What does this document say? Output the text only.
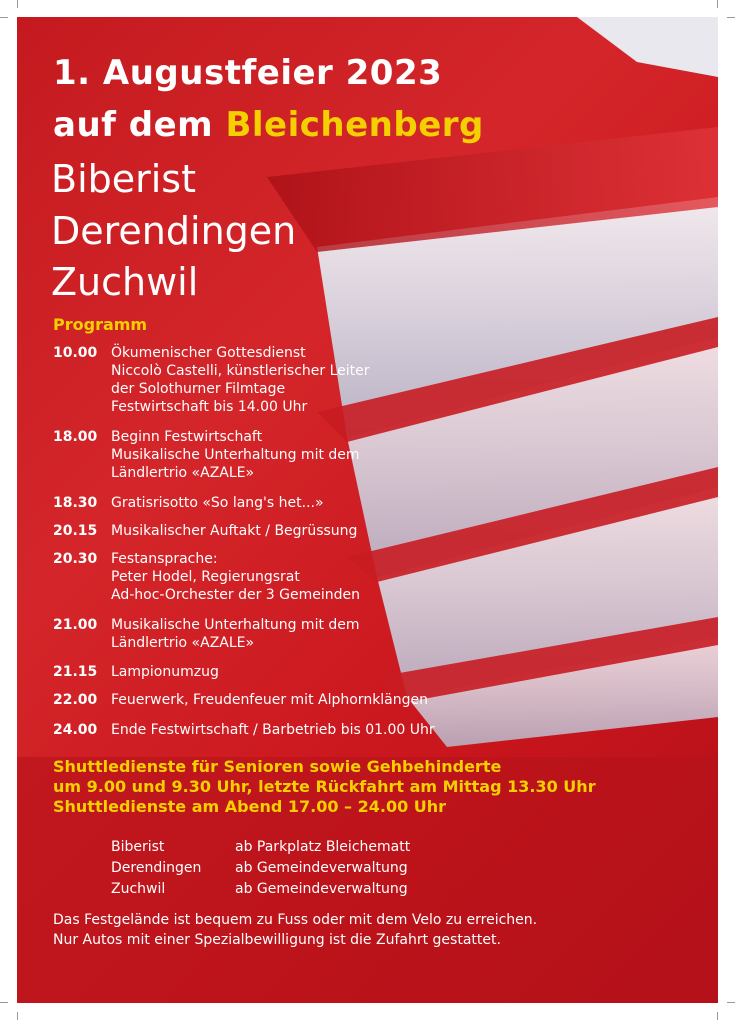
1. Augustfeier 2023
auf dem Bleichenberg
Biberist
Derendingen
Zuchwil
Programm
10.00 Ökumenischer Gottesdienst
Niccolò Castelli, künstlerischer Leiter
der Solothurner Filmtage
Festwirtschaft bis 14.00 Uhr
18.00 Beginn Festwirtschaft
Musikalische Unterhaltung mit dem
Ländlertrio «AZALE»
18.30 Gratisrisotto «So lang's het...»
20.15 Musikalischer Auftakt / Begrüssung
20.30 Festansprache:
Peter Hodel, Regierungsrat
Ad-hoc-Orchester der 3 Gemeinden
21.00 Musikalische Unterhaltung mit dem
Ländlertrio «AZALE»
21.15 Lampionumzug
22.00 Feuerwerk, Freudenfeuer mit Alphornklängen
24.00 Ende Festwirtschaft / Barbetrieb bis 01.00 Uhr
Shuttledienste für Senioren sowie Gehbehinderte
um 9.00 und 9.30 Uhr, letzte Rückfahrt am Mittag 13.30 Uhr
Shuttledienste am Abend 17.00 – 24.00 Uhr
Biberist	ab Parkplatz Bleichematt
Derendingen ab Gemeindeverwaltung
Zuchwil	ab Gemeindeverwaltung
Das Festgelände ist bequem zu Fuss oder mit dem Velo zu erreichen.
Nur Autos mit einer Spezialbewilligung ist die Zufahrt gestattet.
